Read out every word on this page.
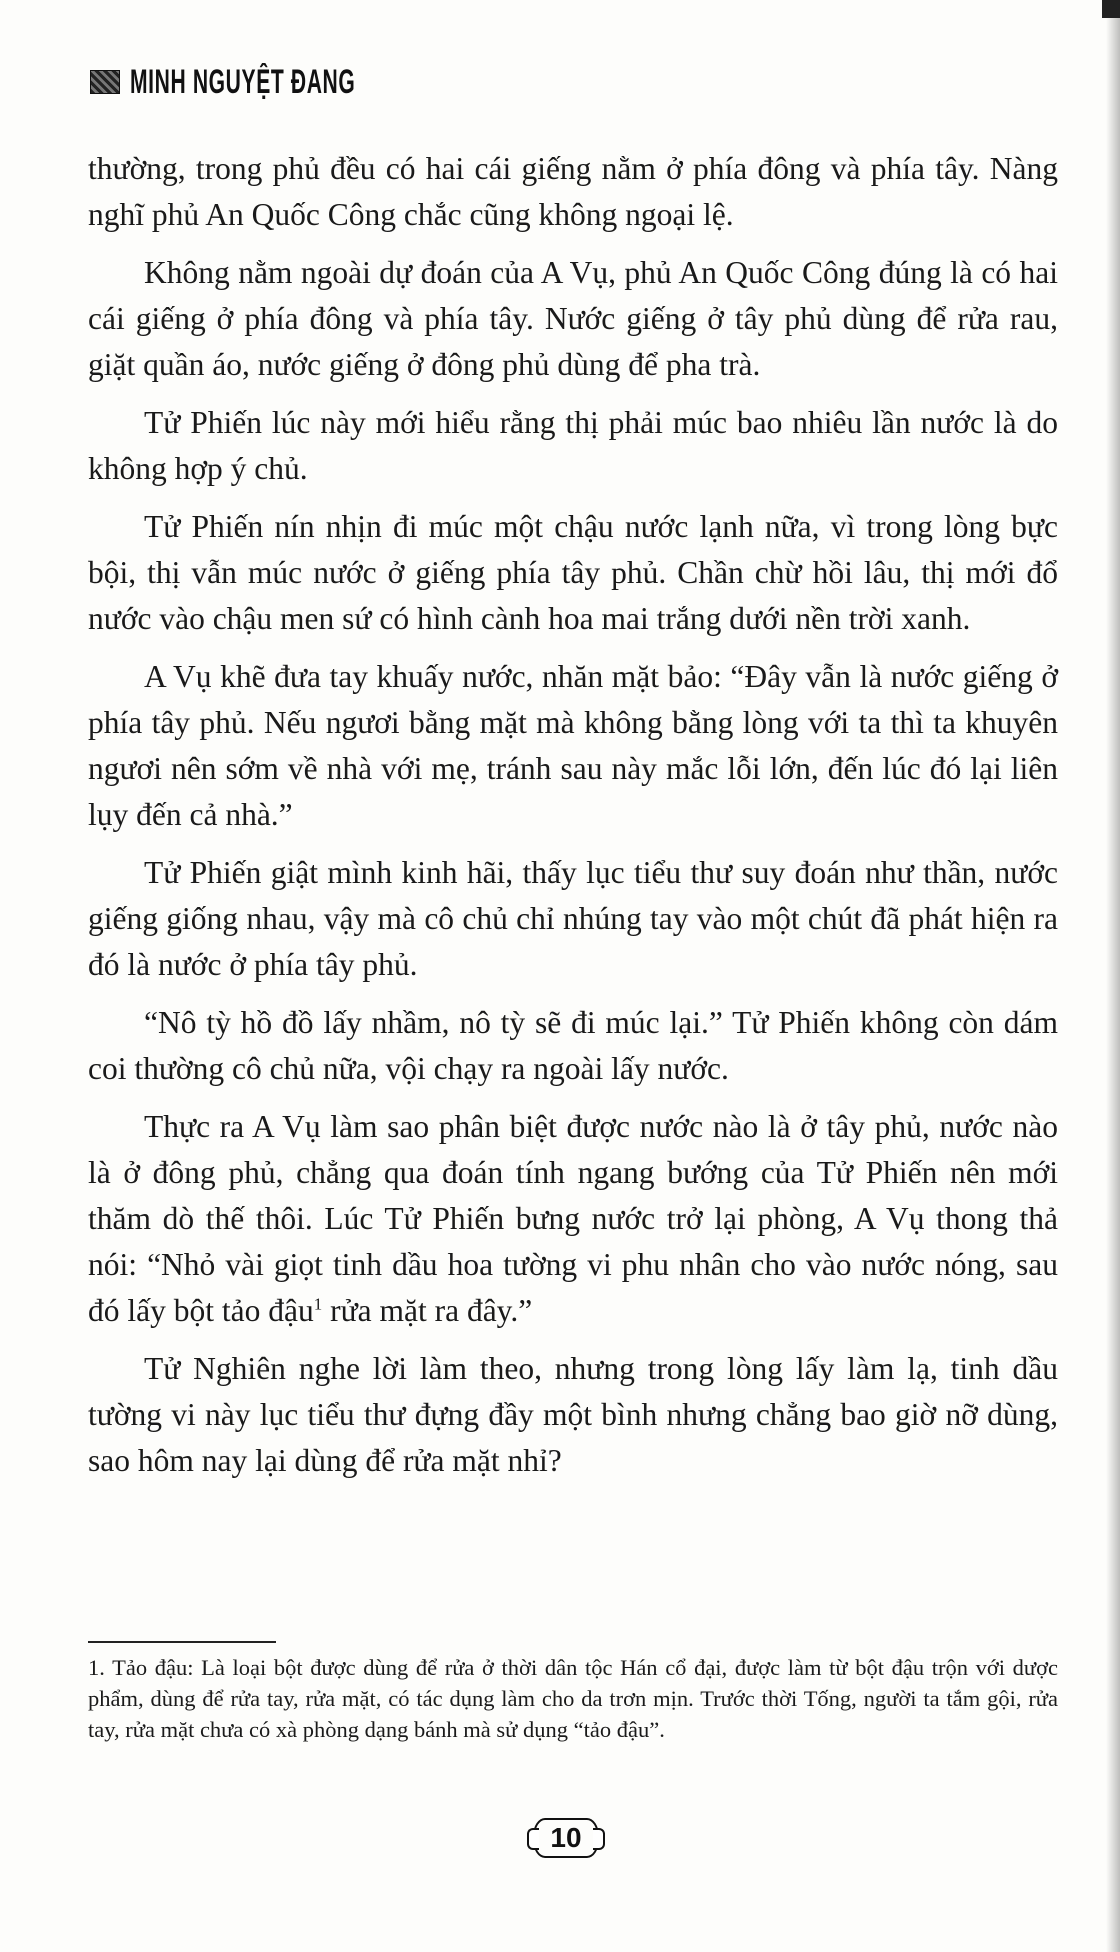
MINH NGUYỆT ĐANG

thường, trong phủ đều có hai cái giếng nằm ở phía đông và phía tây. Nàng nghĩ phủ An Quốc Công chắc cũng không ngoại lệ.

Không nằm ngoài dự đoán của A Vụ, phủ An Quốc Công đúng là có hai cái giếng ở phía đông và phía tây. Nước giếng ở tây phủ dùng để rửa rau, giặt quần áo, nước giếng ở đông phủ dùng để pha trà.

Tử Phiến lúc này mới hiểu rằng thị phải múc bao nhiêu lần nước là do không hợp ý chủ.

Tử Phiến nín nhịn đi múc một chậu nước lạnh nữa, vì trong lòng bực bội, thị vẫn múc nước ở giếng phía tây phủ. Chần chừ hồi lâu, thị mới đổ nước vào chậu men sứ có hình cành hoa mai trắng dưới nền trời xanh.

A Vụ khẽ đưa tay khuấy nước, nhăn mặt bảo: “Đây vẫn là nước giếng ở phía tây phủ. Nếu ngươi bằng mặt mà không bằng lòng với ta thì ta khuyên ngươi nên sớm về nhà với mẹ, tránh sau này mắc lỗi lớn, đến lúc đó lại liên lụy đến cả nhà.”

Tử Phiến giật mình kinh hãi, thấy lục tiểu thư suy đoán như thần, nước giếng giống nhau, vậy mà cô chủ chỉ nhúng tay vào một chút đã phát hiện ra đó là nước ở phía tây phủ.

“Nô tỳ hồ đồ lấy nhầm, nô tỳ sẽ đi múc lại.” Tử Phiến không còn dám coi thường cô chủ nữa, vội chạy ra ngoài lấy nước.

Thực ra A Vụ làm sao phân biệt được nước nào là ở tây phủ, nước nào là ở đông phủ, chẳng qua đoán tính ngang bướng của Tử Phiến nên mới thăm dò thế thôi. Lúc Tử Phiến bưng nước trở lại phòng, A Vụ thong thả nói: “Nhỏ vài giọt tinh dầu hoa tường vi phu nhân cho vào nước nóng, sau đó lấy bột tảo đậu$^1$ rửa mặt ra đây.”

Tử Nghiên nghe lời làm theo, nhưng trong lòng lấy làm lạ, tinh dầu tường vi này lục tiểu thư đựng đầy một bình nhưng chẳng bao giờ nỡ dùng, sao hôm nay lại dùng để rửa mặt nhỉ?

1. Tảo đậu: Là loại bột được dùng để rửa ở thời dân tộc Hán cổ đại, được làm từ bột đậu trộn với dược phẩm, dùng để rửa tay, rửa mặt, có tác dụng làm cho da trơn mịn. Trước thời Tống, người ta tắm gội, rửa tay, rửa mặt chưa có xà phòng dạng bánh mà sử dụng “tảo đậu”.

10
